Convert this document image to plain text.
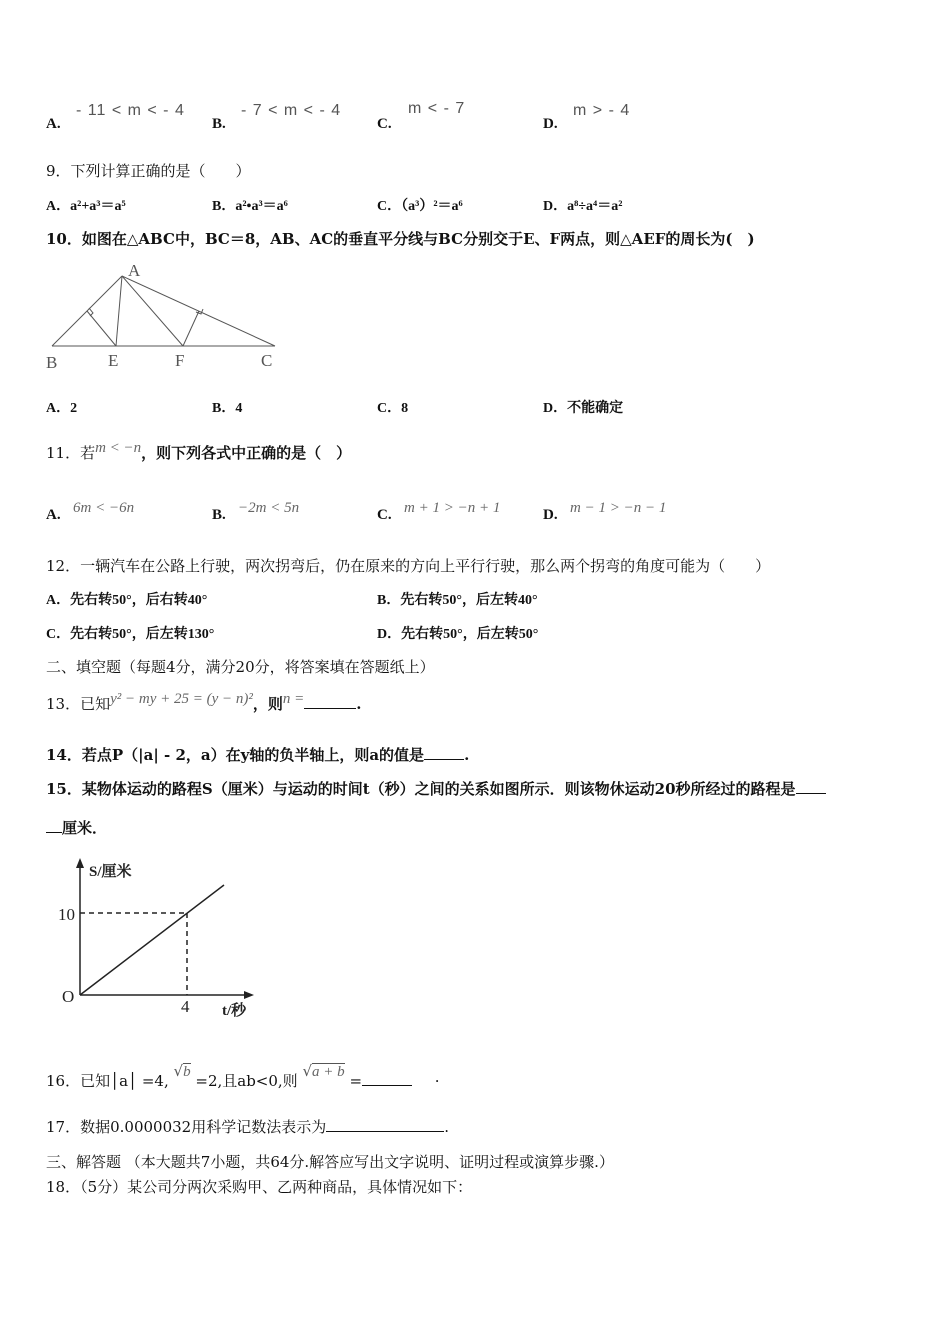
A.
- 11 < m < - 4
B.
- 7 < m < - 4
C.
m < - 7
D.
m > - 4
9．下列计算正确的是（　　）
A．a²+a³＝a⁵	B．a²•a³＝a⁶	C．（a³）²＝a⁶	D．a⁸÷a⁴＝a²
10．如图在△ABC中，BC＝8，AB、AC的垂直平分线与BC分别交于E、F两点，则△AEF的周长为(　)
A
B	E	F	C
A．2	B．4	C．8	D．不能确定
11．若m < −n，则下列各式中正确的是（　）
A. 6m < −6n	B. −2m < 5n	C. m + 1 > −n + 1	D. m − 1 > −n − 1
12．一辆汽车在公路上行驶，两次拐弯后，仍在原来的方向上平行行驶，那么两个拐弯的角度可能为（　　）
A．先右转50°，后右转40°	B．先右转50°，后左转40°
C．先右转50°，后左转130°	D．先右转50°，后左转50°
二、填空题（每题4分，满分20分，将答案填在答题纸上）
13．已知y² − my + 25 = (y − n)²，则n =	.
14．若点P（|a| - 2，a）在y轴的负半轴上，则a的值是	.
15．某物体运动的路程S（厘米）与运动的时间t（秒）之间的关系如图所示．则该物休运动20秒所经过的路程是
厘米．
S/厘米
t/秒
10
4
O
16．已知│a│ =4, √b =2,且ab<0,则 √a + b =	·
17．数据0.0000032用科学记数法表示为	.
三、解答题 （本大题共7小题，共64分.解答应写出文字说明、证明过程或演算步骤.）
18．（5分）某公司分两次采购甲、乙两种商品，具体情况如下：
